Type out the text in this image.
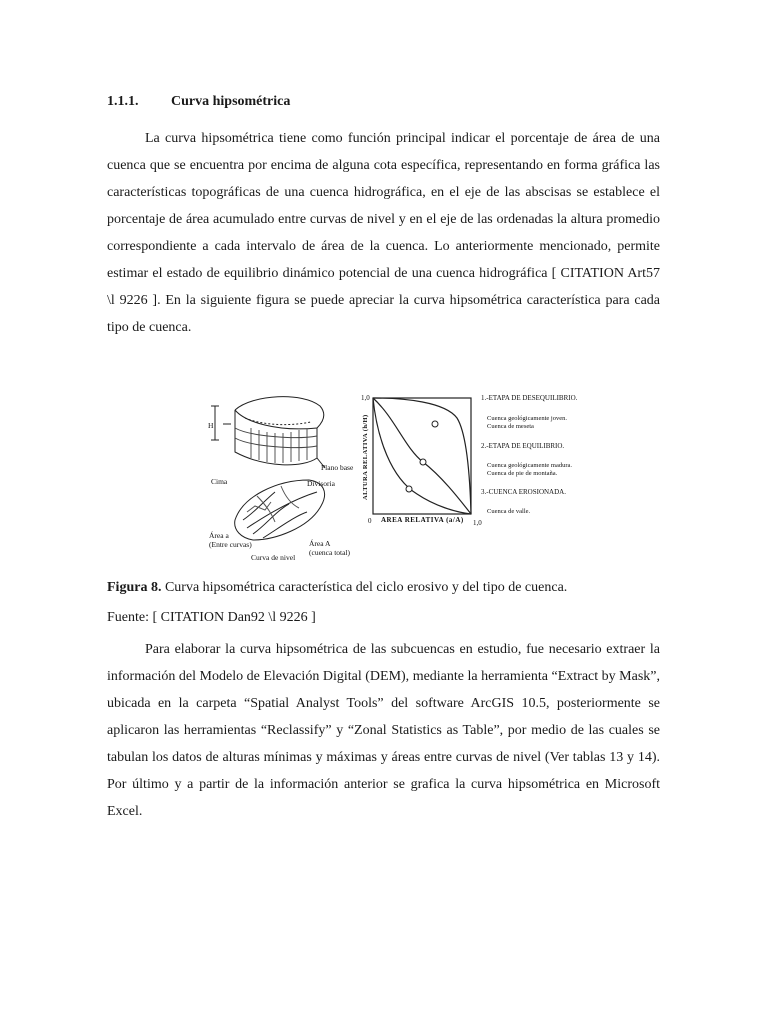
1.1.1. Curva hipsométrica

La curva hipsométrica tiene como función principal indicar el porcentaje de área de una cuenca que se encuentra por encima de alguna cota específica, representando en forma gráfica las características topográficas de una cuenca hidrográfica, en el eje de las abscisas se establece el porcentaje de área acumulado entre curvas de nivel y en el eje de las ordenadas la altura promedio correspondiente a cada intervalo de área de la cuenca. Lo anteriormente mencionado, permite estimar el estado de equilibrio dinámico potencial de una cuenca hidrográfica [ CITATION Art57 \l 9226 ]. En la siguiente figura se puede apreciar la curva hipsométrica característica para cada tipo de cuenca.

Plano base
Cima	Divisoria
Área a
(Entre curvas)
Curva de nivel
Área A
(cuenca total)
H
1,0
0	1,0
AREA RELATIVA (a/A)
ALTURA RELATIVA (h/H)
1.-ETAPA DE DESEQUILIBRIO.
Cuenca geológicamente joven.
Cuenca de meseta
2.-ETAPA DE EQUILIBRIO.
Cuenca geológicamente madura.
Cuenca de pie de montaña.
3.-CUENCA EROSIONADA.
Cuenca de valle.
Figura 8. Curva hipsométrica característica del ciclo erosivo y del tipo de cuenca.
Fuente: [ CITATION Dan92 \l 9226 ]

Para elaborar la curva hipsométrica de las subcuencas en estudio, fue necesario extraer la información del Modelo de Elevación Digital (DEM), mediante la herramienta “Extract by Mask”, ubicada en la carpeta “Spatial Analyst Tools” del software ArcGIS 10.5, posteriormente se aplicaron las herramientas “Reclassify” y “Zonal Statistics as Table”, por medio de las cuales se tabulan los datos de alturas mínimas y máximas y áreas entre curvas de nivel (Ver tablas 13 y 14). Por último y a partir de la información anterior se grafica la curva hipsométrica en Microsoft Excel.
